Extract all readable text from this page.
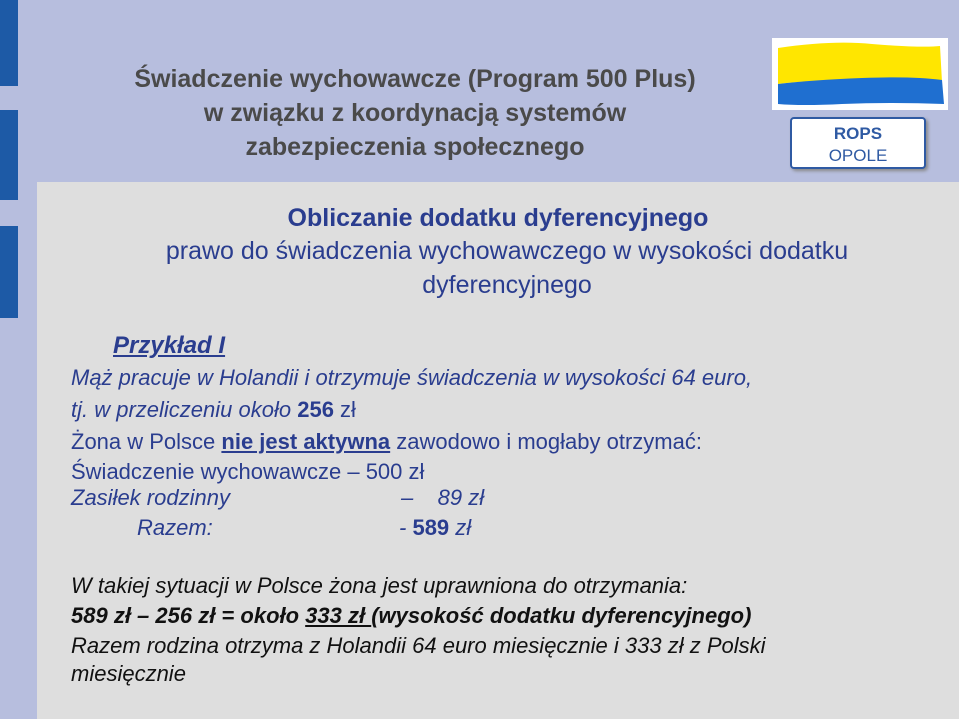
Świadczenie wychowawcze (Program 500 Plus)
w związku z koordynacją systemów
zabezpieczenia społecznego	ROPS
OPOLE
Obliczanie dodatku dyferencyjnego
prawo do świadczenia wychowawczego w wysokości dodatku
dyferencyjnego
Przykład I
Mąż pracuje w Holandii i otrzymuje świadczenia w wysokości 64 euro,
tj. w przeliczeniu około 256 zł
Żona w Polsce nie jest aktywna zawodowo i mogłaby otrzymać:
Świadczenie wychowawcze – 500 zł
Zasiłek rodzinny	–    89 zł
Razem:	- 589 zł
W takiej sytuacji w Polsce żona jest uprawniona do otrzymania:
589 zł – 256 zł = około 333 zł (wysokość dodatku dyferencyjnego)
Razem rodzina otrzyma z Holandii 64 euro miesięcznie i 333 zł z Polski
miesięcznie
